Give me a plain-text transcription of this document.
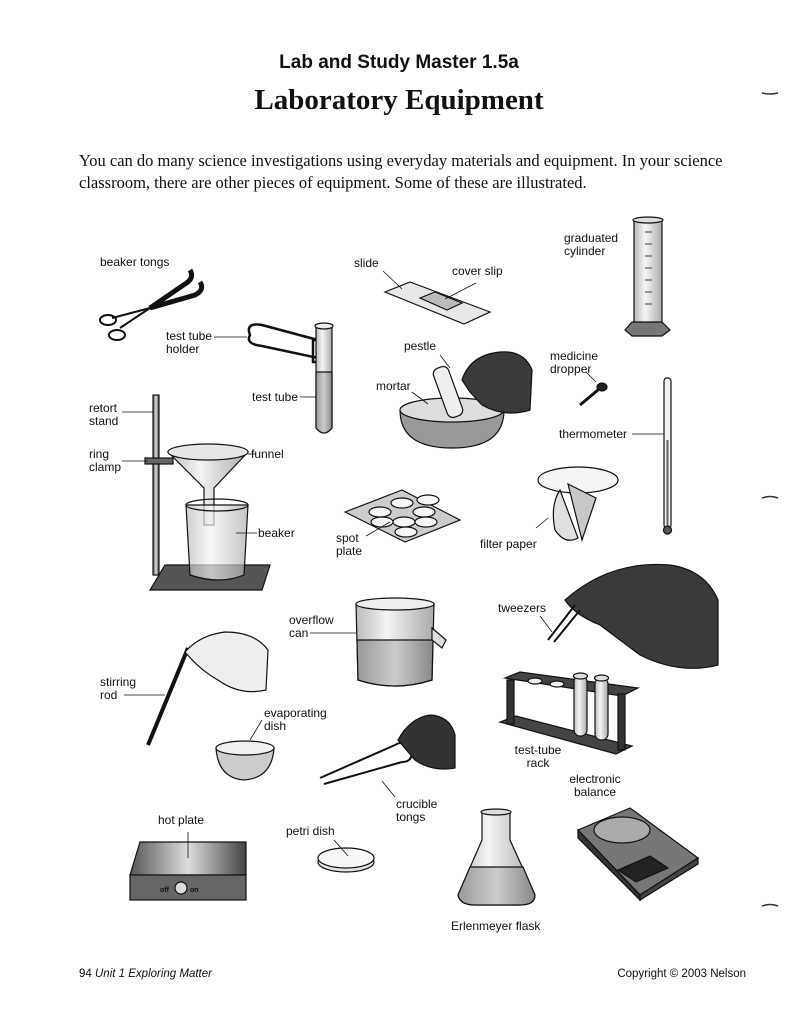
Lab and Study Master 1.5a
Laboratory Equipment
You can do many science investigations using everyday materials and equipment. In your science classroom, there are other pieces of equipment. Some of these are illustrated.
beaker tongs	slide
cover slip
graduated
cylinder
test tube
holder	pestle
medicine
dropper
mortar
test tube
retort
stand
thermometer
ring
clamp
funnel
beaker	spot
plate	filter paper
overflow
can
tweezers
stirring
rod
evaporating
dish
test-tube
rack
electronic
balance
crucible
tongs
hot plate
petri dish
Erlenmeyer flask
off	on
94 Unit 1 Exploring Matter	Copyright © 2003 Nelson
